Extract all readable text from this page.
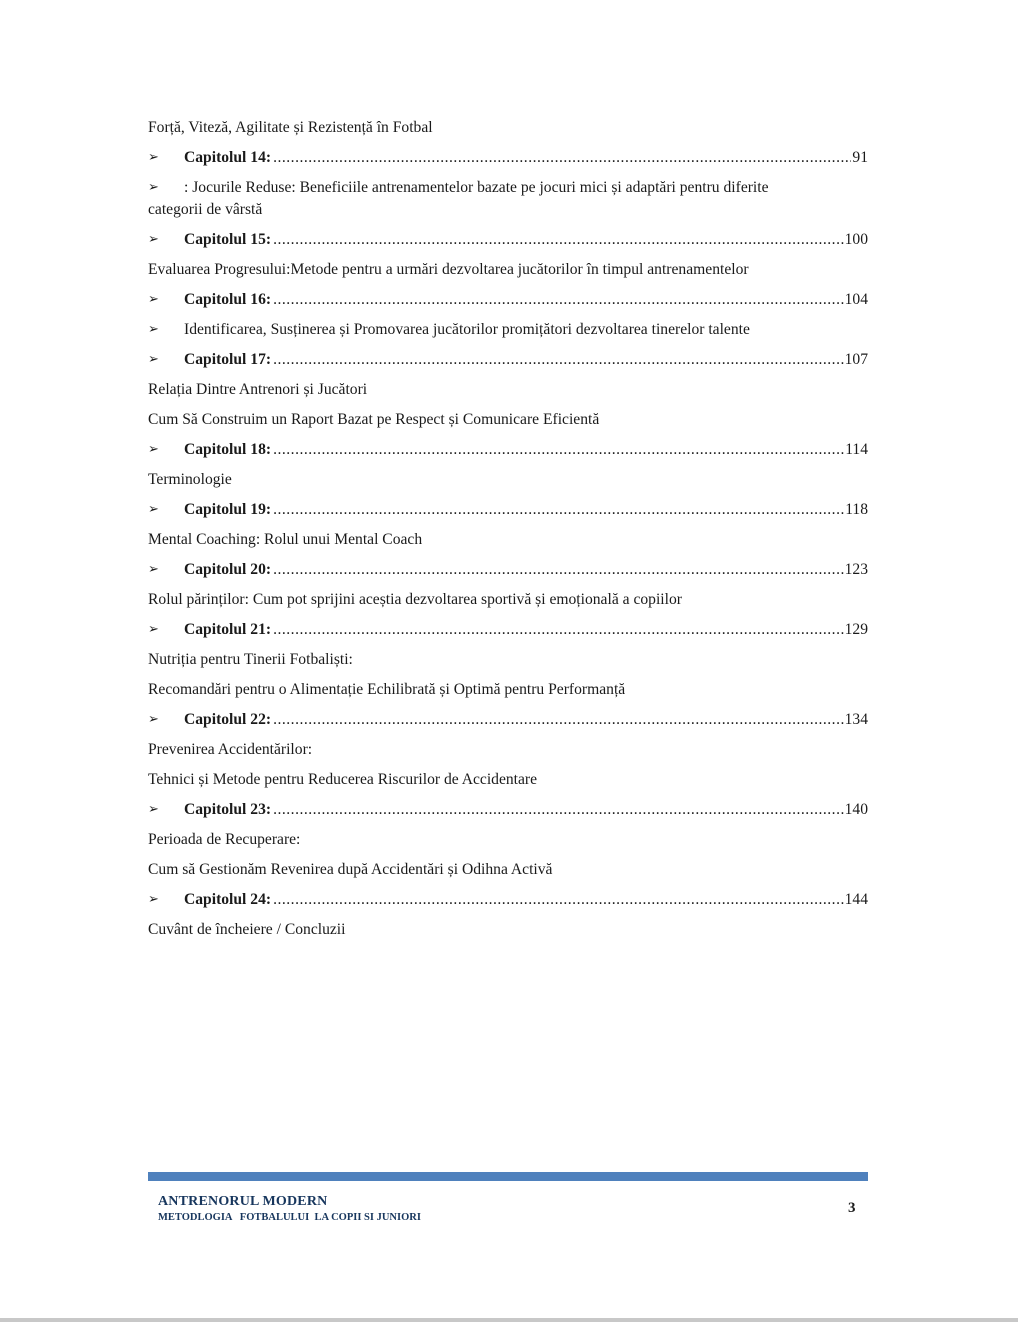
Forță, Viteză, Agilitate și Rezistență în Fotbal
➢ Capitolul 14: .....	91
➢	: Jocurile Reduse: Beneficiile antrenamentelor bazate pe jocuri mici și adaptări pentru diferite
categorii de vârstă
➢ Capitolul 15: .....	100
Evaluarea Progresului:Metode pentru a urmări dezvoltarea jucătorilor în timpul antrenamentelor
➢ Capitolul 16: .....	104
➢ Identificarea, Susținerea și Promovarea jucătorilor promițători dezvoltarea tinerelor talente
➢ Capitolul 17: .....	107
Relația Dintre Antrenori și Jucători
Cum Să Construim un Raport Bazat pe Respect și Comunicare Eficientă
➢ Capitolul 18: .....	114
Terminologie
➢ Capitolul 19: .....	118
Mental Coaching: Rolul unui Mental Coach
➢ Capitolul 20: .....	123
Rolul părinților: Cum pot sprijini aceștia dezvoltarea sportivă și emoțională a copiilor
➢ Capitolul 21: .....	129
Nutriția pentru Tinerii Fotbaliști:
Recomandări pentru o Alimentație Echilibrată și Optimă pentru Performanță
➢ Capitolul 22: .....	134
Prevenirea Accidentărilor:
Tehnici și Metode pentru Reducerea Riscurilor de Accidentare
➢ Capitolul 23: .....	140
Perioada de Recuperare:
Cum să Gestionăm Revenirea după Accidentări și Odihna Activă
➢ Capitolul 24: .....	144
Cuvânt de încheiere / Concluzii
ANTRENORUL MODERN
METODLOGIA   FOTBALULUI  LA COPII SI JUNIORI
3
